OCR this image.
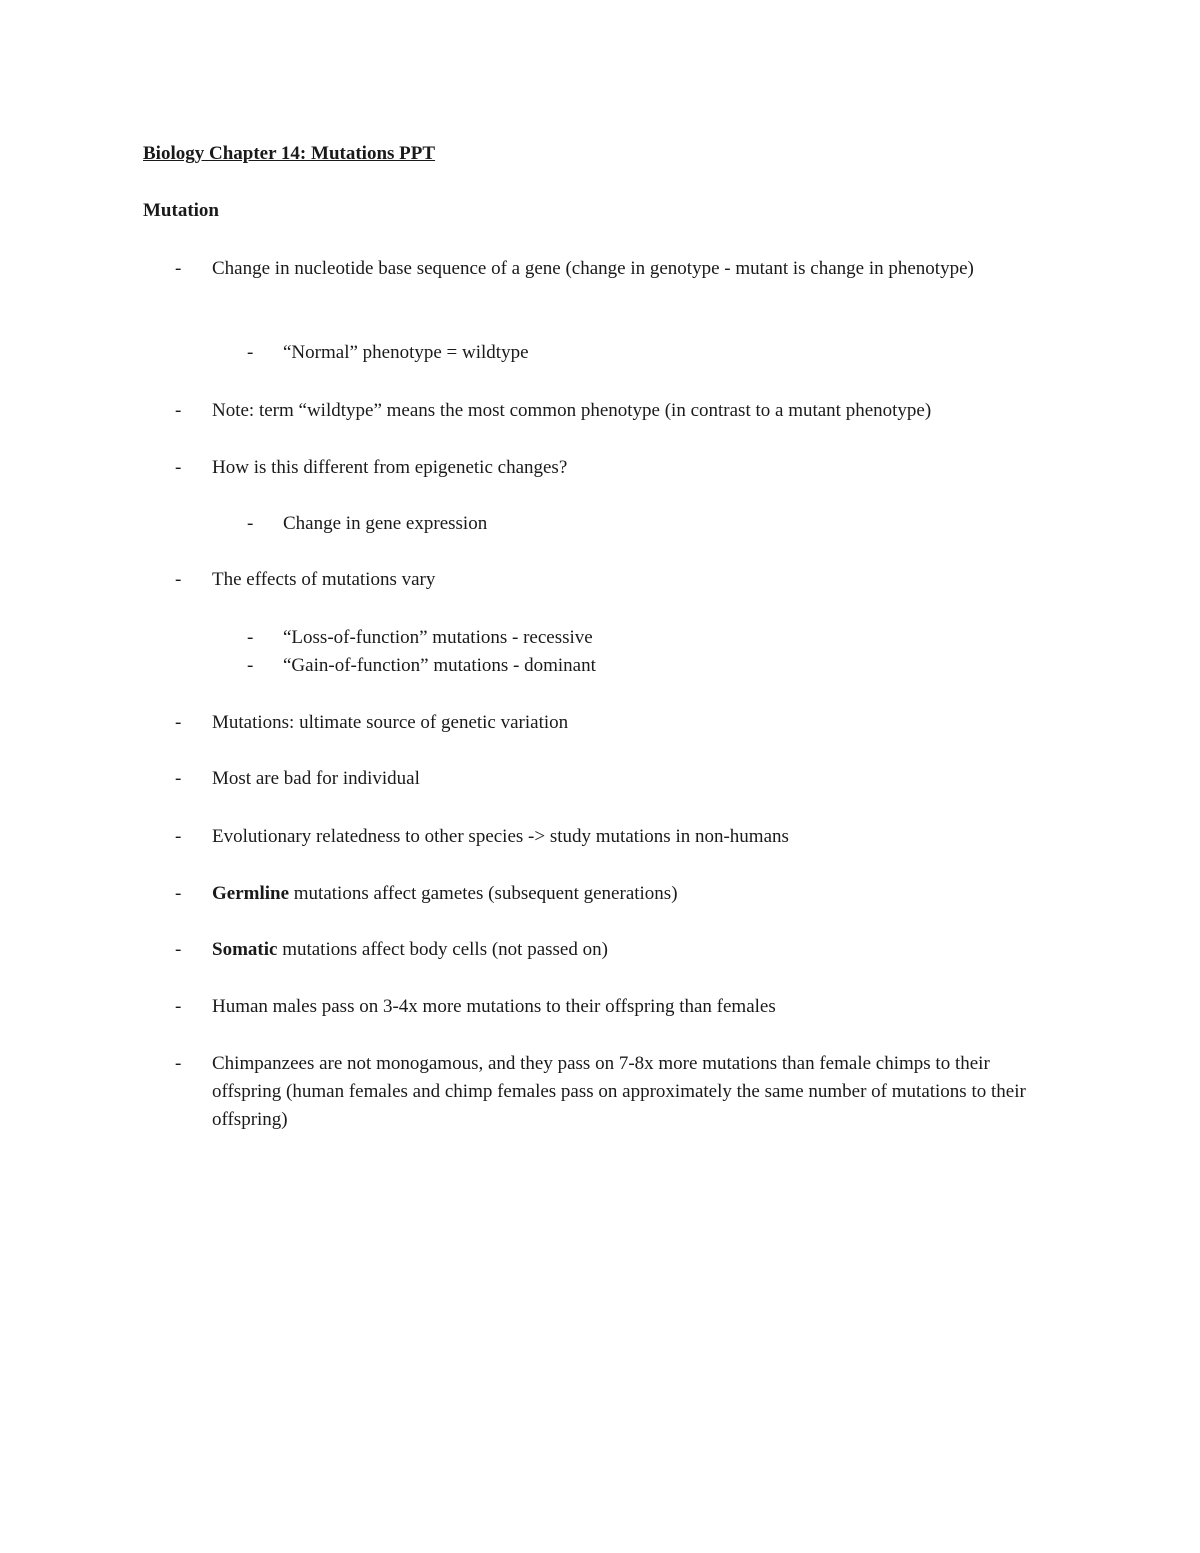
Biology Chapter 14: Mutations PPT

Mutation

- Change in nucleotide base sequence of a gene (change in genotype - mutant is change in phenotype)
- “Normal” phenotype = wildtype
- Note: term “wildtype” means the most common phenotype (in contrast to a mutant phenotype)
- How is this different from epigenetic changes?
- Change in gene expression
- The effects of mutations vary
- “Loss-of-function” mutations - recessive
- “Gain-of-function” mutations - dominant
- Mutations: ultimate source of genetic variation
- Most are bad for individual
- Evolutionary relatedness to other species -> study mutations in non-humans
- Germline mutations affect gametes (subsequent generations)
- Somatic mutations affect body cells (not passed on)
- Human males pass on 3-4x more mutations to their offspring than females
- Chimpanzees are not monogamous, and they pass on 7-8x more mutations than female chimps to their offspring (human females and chimp females pass on approximately the same number of mutations to their offspring)
